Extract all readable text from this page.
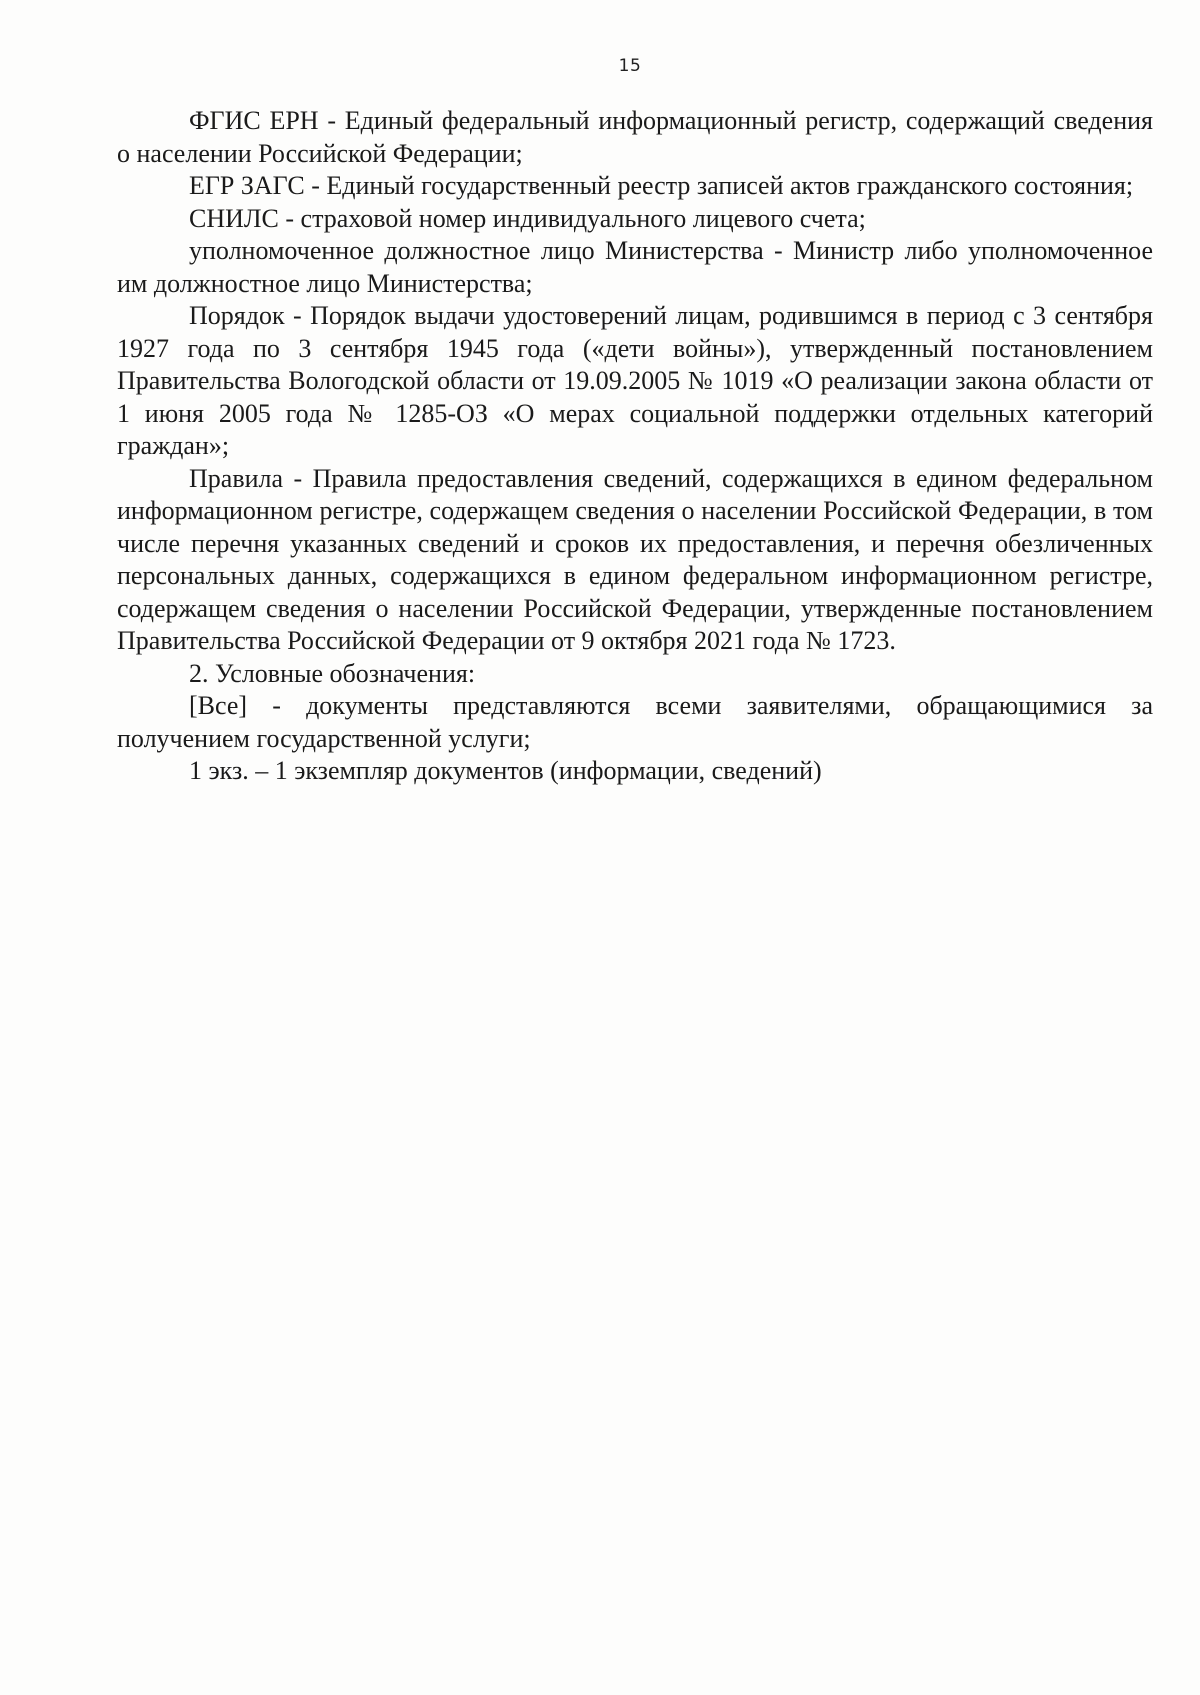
15

ФГИС ЕРН - Единый федеральный информационный регистр, содержащий сведения о населении Российской Федерации;

ЕГР ЗАГС - Единый государственный реестр записей актов гражданского состояния;

СНИЛС - страховой номер индивидуального лицевого счета;

уполномоченное должностное лицо Министерства - Министр либо уполномоченное им должностное лицо Министерства;

Порядок - Порядок выдачи удостоверений лицам, родившимся в период с 3 сентября 1927 года по 3 сентября 1945 года («дети войны»), утвержденный постановлением Правительства Вологодской области от 19.09.2005 № 1019 «О реализации закона области от 1 июня 2005 года № 1285-ОЗ «О мерах социальной поддержки отдельных категорий граждан»;

Правила - Правила предоставления сведений, содержащихся в едином федеральном информационном регистре, содержащем сведения о населении Российской Федерации, в том числе перечня указанных сведений и сроков их предоставления, и перечня обезличенных персональных данных, содержащихся в едином федеральном информационном регистре, содержащем сведения о населении Российской Федерации, утвержденные постановлением Правительства Российской Федерации от 9 октября 2021 года № 1723.

2. Условные обозначения:

[Все] - документы представляются всеми заявителями, обращающимися за получением государственной услуги;

1 экз. – 1 экземпляр документов (информации, сведений)
